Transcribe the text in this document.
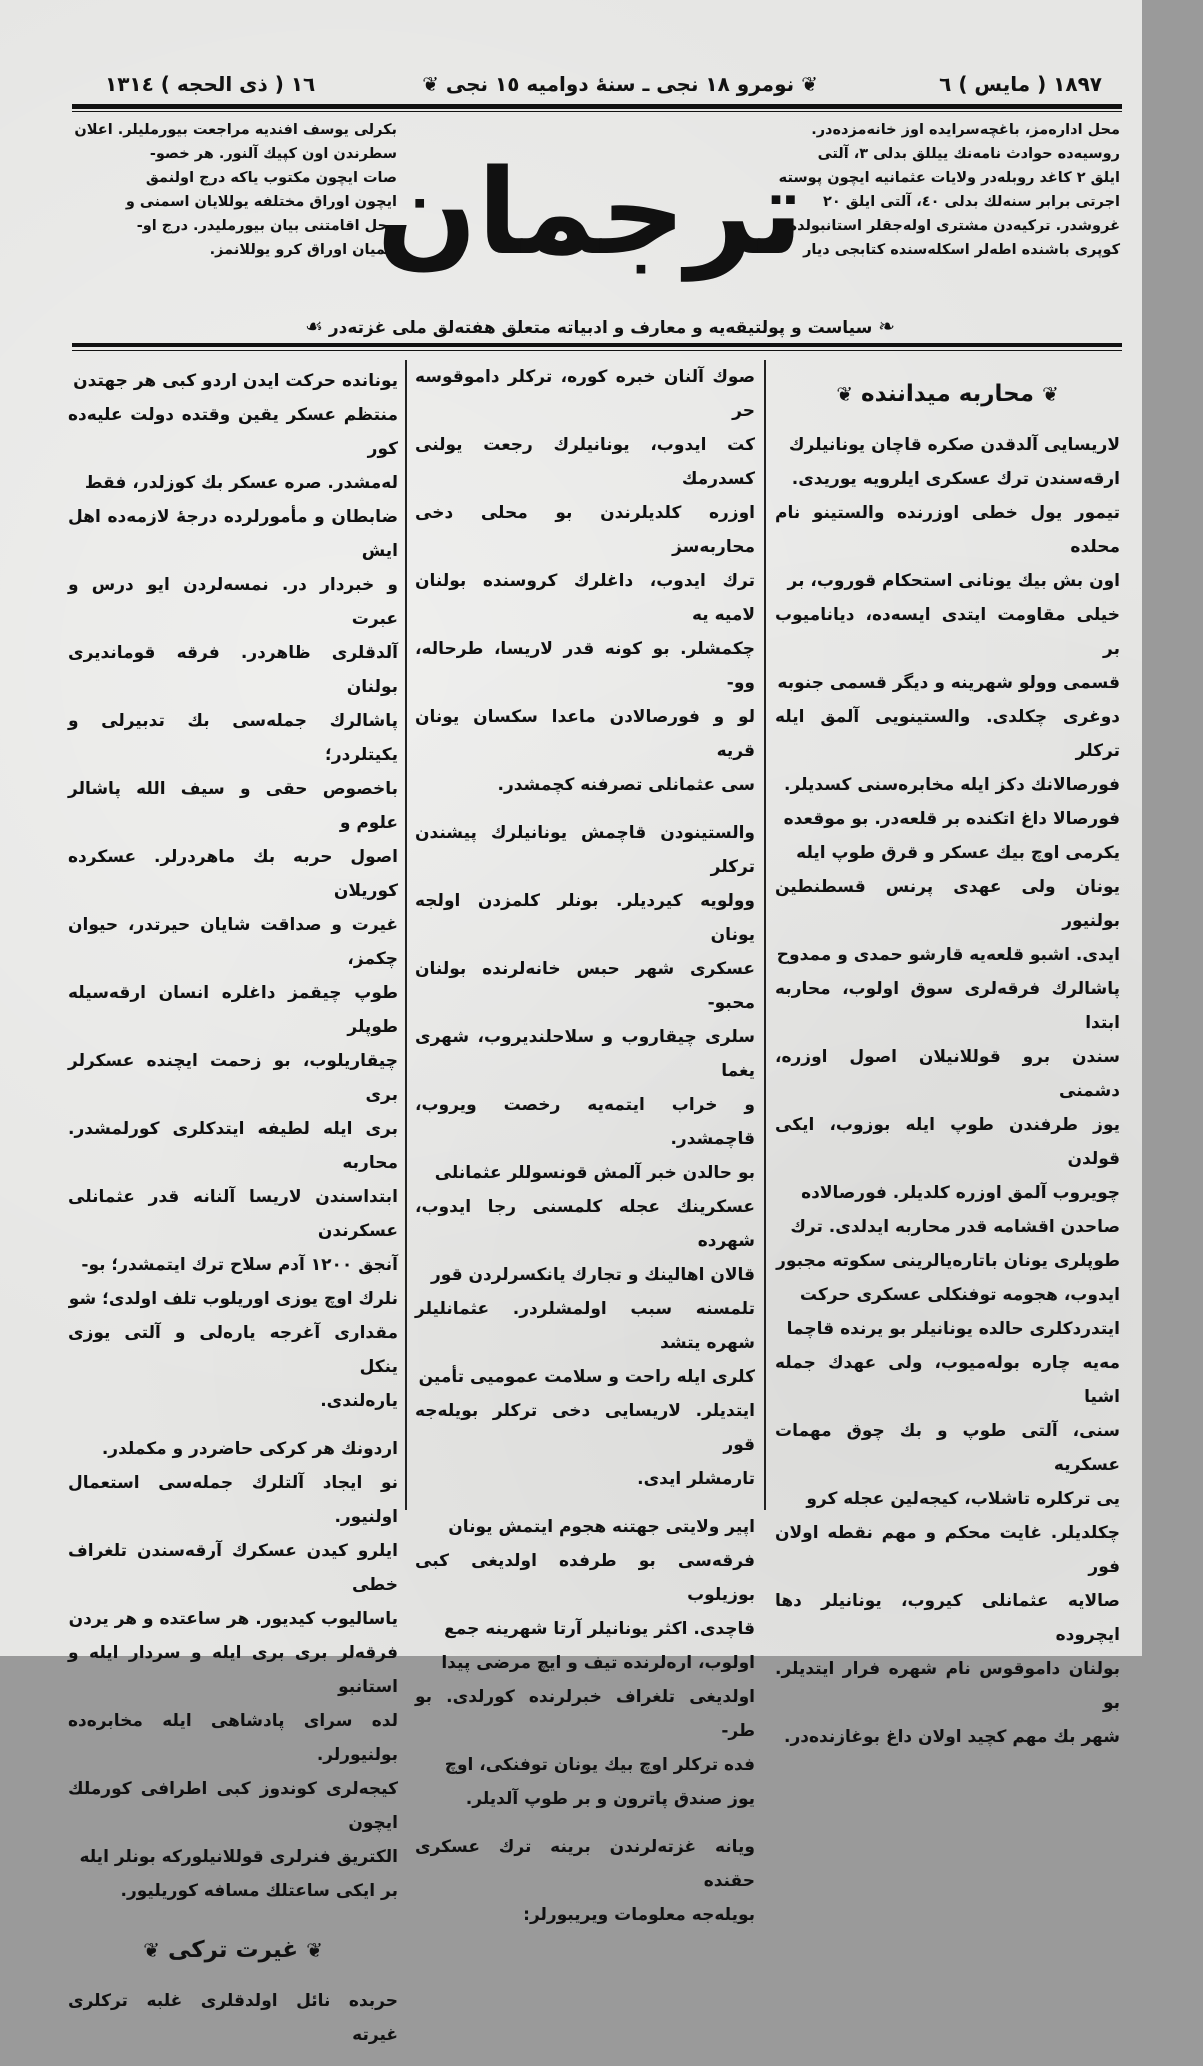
١٨٩٧ ( مايس ) ٦
❦ نومرو ١٨ نجى ـ سنهٔ دواميه ١٥ نجى ❦
١٦ ( ذى الحجه ) ١٣١٤
محل اداره‌مز، باغچه‌سرايده اوز خانه‌مزده‌در.
روسيه‌ده حوادث نامه‌نك ييللق بدلى ٣، آلتى
ايلق ٢ كاغد روبله‌در ولايات عثمانيه ايچون پوسته
اجرتى برابر سنه‌لك بدلى ٤٠، آلتى ايلق ٢٠
غروشدر. تركيه‌دن مشترى اوله‌جقلر استانبولده
كوپرى باشنده اطه‌لر اسكله‌سنده كتابجى ديار
بكرلى يوسف افنديه مراجعت بيورمليلر. اعلان
سطرندن اون كپيك آلنور. هر خصو-
صات ايچون مكتوب ياكه درج اولنمق
ايچون اوراق مختلفه يوللايان اسمنى و
محل اقامتنى بيان بيورمليدر. درج او-
لنميان اوراق كرو يوللانمز.
ترجمان
❧ سياست و پولتيقه‌يه و معارف و ادبياته متعلق هفته‌لق ملى غزته‌در ☙
❦ محاربه ميداننده ❦
لاريسايى آلدقدن صكره قاچان يونانيلرك
ارقه‌سندن ترك عسكرى ايلرويه يوريدى.
تيمور يول خطى اوزرنده والستينو نام محلده
اون بش بيك يونانى استحكام قوروب، بر
خيلى مقاومت ايتدى ايسه‌ده، دياناميوب بر
قسمى وولو شهرينه و ديگر قسمى جنوبه
دوغرى چكلدى. والستينويى آلمق ايله تركلر
فورصالانك دكز ايله مخابره‌سنى كسديلر.
فورصالا داغ اتكنده بر قلعه‌در. بو موقعده
يكرمى اوچ بيك عسكر و قرق طوپ ايله
يونان ولى عهدى پرنس قسطنطين بولنيور
ايدى. اشبو قلعه‌يه قارشو حمدى و ممدوح
پاشالرك فرقه‌لرى سوق اولوب، محاربه ابتدا
سندن برو قوللانيلان اصول اوزره، دشمنى
يوز طرفندن طوپ ايله بوزوب، ايكى قولدن
چويروب آلمق اوزره كلديلر. فورصالاده
صاحدن اقشامه قدر محاربه ايدلدى. ترك
طوپلرى يونان باتاره‌يالرينى سكوته مجبور
ايدوب، هجومه توفنكلى عسكرى حركت
ايتدردكلرى حالده يونانيلر بو يرنده قاچما
مه‌يه چاره بوله‌ميوب، ولى عهدك جمله اشيا
سنى، آلتى طوپ و بك چوق مهمات عسكريه
يى تركلره تاشلاب، كيجه‌لين عجله كرو
چكلديلر. غايت محكم و مهم نقطه اولان فور
صالايه عثمانلى كيروب، يونانيلر دها ايچروده
بولنان داموقوس نام شهره فرار ايتديلر. بو
شهر بك مهم كچيد اولان داغ بوغازنده‌در.
صوك آلنان خبره كوره، تركلر داموقوسه حر
كت ايدوب، يونانيلرك رجعت يولنى كسدرمك
اوزره كلديلرندن بو محلى دخى محاربه‌سز
ترك ايدوب، داغلرك كروسنده بولنان لاميه يه
چكمشلر. بو كونه قدر لاريسا، طرحاله، وو-
لو و فورصالادن ماعدا سكسان يونان قريه
سى عثمانلى تصرفنه كچمشدر.
والستينودن قاچمش يونانيلرك پيشندن تركلر
وولويه كيرديلر. بونلر كلمزدن اولجه يونان
عسكرى شهر حبس خانه‌لرنده بولنان محبو-
سلرى چيقاروب و سلاحلنديروب، شهرى يغما
و خراب ايتمه‌يه رخصت ويروب، قاچمشدر.
بو حالدن خبر آلمش قونسوللر عثمانلى
عسكرينك عجله كلمسنى رجا ايدوب، شهرده
قالان اهالينك و تجارك يانكسرلردن قور
تلمسنه سبب اولمشلردر. عثمانليلر شهره يتشد
كلرى ايله راحت و سلامت عموميى تأمين
ايتديلر. لاريسايى دخى تركلر بويله‌جه قور
تارمشلر ايدى.
اپير ولايتى جهتنه هجوم ايتمش يونان
فرقه‌سى بو طرفده اولديغى كبى بوزيلوب
قاچدى. اكثر يونانيلر آرتا شهرينه جمع
اولوب، اره‌لرنده تيف و ايچ مرضى پيدا
اولديغى تلغراف خبرلرنده كورلدى. بو طر-
فده تركلر اوچ بيك يونان توفنكى، اوچ
يوز صندق پاترون و بر طوپ آلديلر.
ويانه غزته‌لرندن برينه ترك عسكرى حقنده
بويله‌جه معلومات ويريبورلر:
يونانده حركت ايدن اردو كبى هر جهتدن
منتظم عسكر يقين وقتده دولت عليه‌ده كور
له‌مشدر. صره عسكر بك كوزلدر، فقط
ضابطان و مأمورلرده درجهٔ لازمه‌ده اهل ايش
و خبردار در. نمسه‌لردن ايو درس و عبرت
آلدقلرى ظاهردر. فرقه قوماندیرى بولنان
پاشالرك جمله‌سى بك تدبيرلى و يكيتلردر؛
باخصوص حقى و سيف الله پاشالر علوم و
اصول حربه بك ماهردرلر. عسكرده كوريلان
غيرت و صداقت شايان حيرتدر، حيوان چكمز،
طوپ چيقمز داغلره انسان ارقه‌سيله طوپلر
چيقاريلوب، بو زحمت ايچنده عسكرلر برى
برى ايله لطيفه ايتدكلرى كورلمشدر. محاربه
ابتداسندن لاريسا آلنانه قدر عثمانلى عسكرندن
آنجق ١٢٠٠ آدم سلاح ترك ايتمشدر؛ بو-
نلرك اوچ يوزى اوريلوب تلف اولدى؛ شو
مقدارى آغرجه ياره‌لى و آلتى يوزى ينكل
ياره‌لندى.
اردونك هر كركى حاضردر و مكملدر.
نو ايجاد آلتلرك جمله‌سى استعمال اولنيور.
ايلرو كيدن عسكرك آرقه‌سندن تلغراف خطى
ياساليوب كيديور. هر ساعتده و هر يردن
فرقه‌لر برى برى ايله و سردار ايله و استانبو
لده سراى پادشاهى ايله مخابره‌ده بولنيورلر.
كيجه‌لرى كوندوز كبى اطرافى كورملك ايچون
الكتريق فنرلرى قوللانيلوركه بونلر ايله
بر ايكى ساعتلك مسافه كوريليور.
❦ غيرت تركى ❦
حربده نائل اولدقلرى غلبه تركلرى غيرته
